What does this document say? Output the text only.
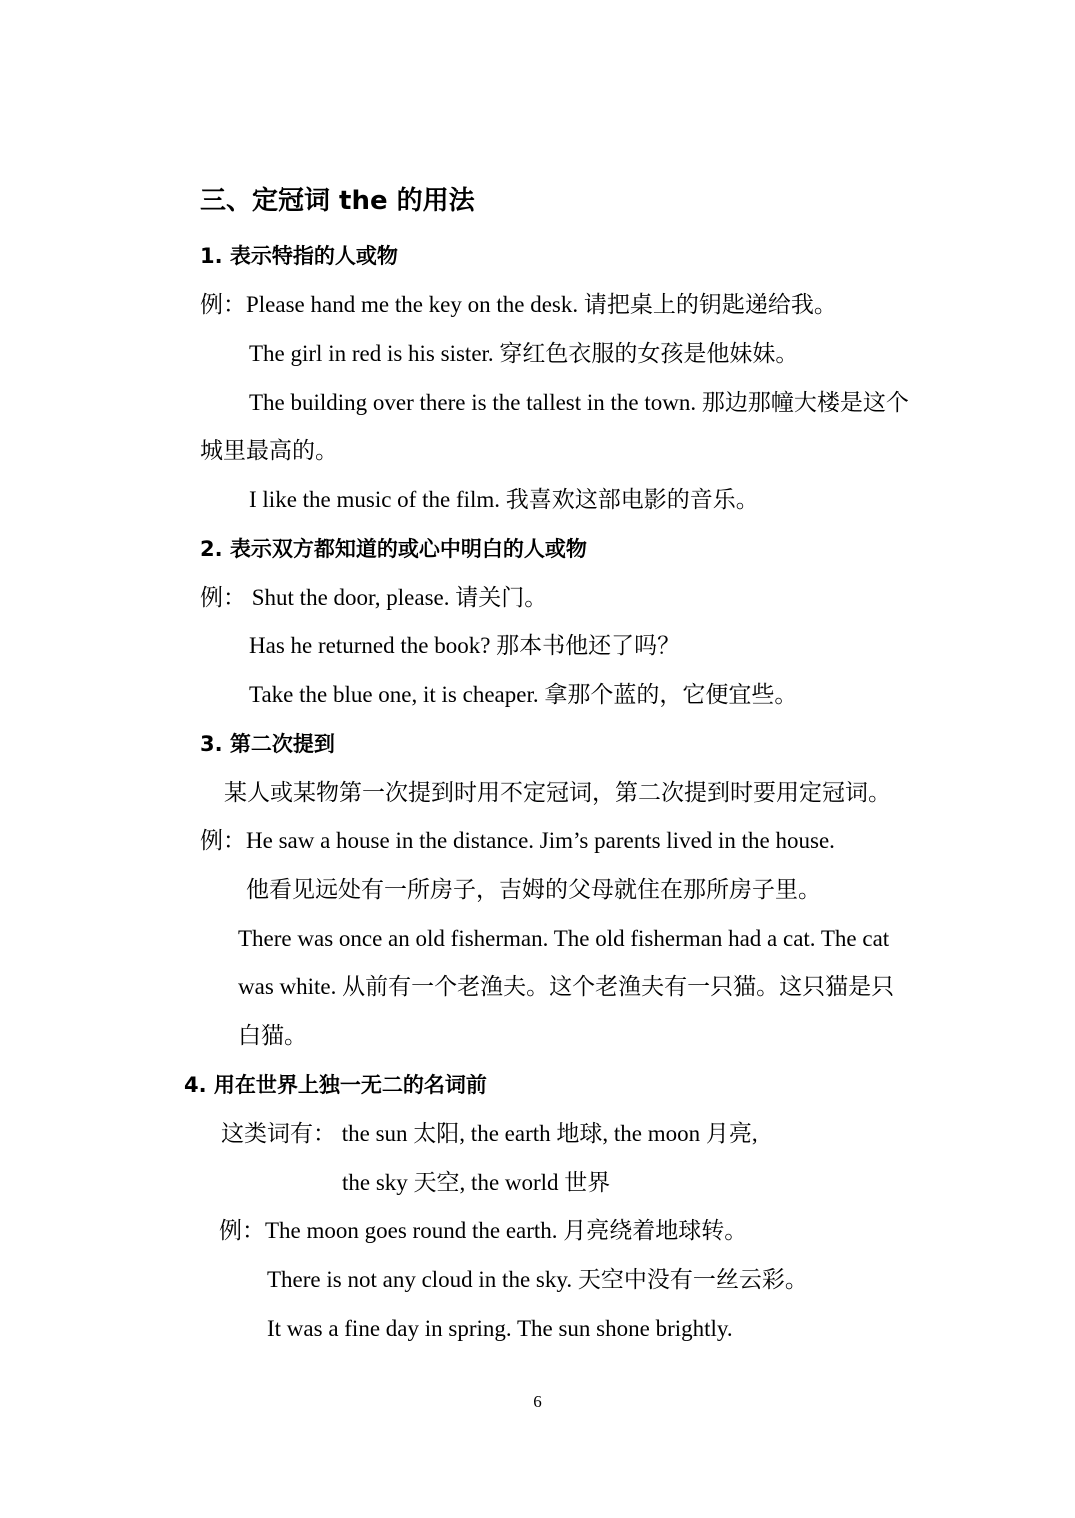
三、定冠词 the 的用法
1. 表示特指的人或物
例：Please hand me the key on the desk. 请把桌上的钥匙递给我。
The girl in red is his sister. 穿红色衣服的女孩是他妹妹。
The building over there is the tallest in the town. 那边那幢大楼是这个
城里最高的。
I like the music of the film. 我喜欢这部电影的音乐。
2. 表示双方都知道的或心中明白的人或物
例： Shut the door, please. 请关门。
Has he returned the book? 那本书他还了吗？
Take the blue one, it is cheaper. 拿那个蓝的，它便宜些。
3. 第二次提到
某人或某物第一次提到时用不定冠词，第二次提到时要用定冠词。
例：He saw a house in the distance. Jim’s parents lived in the house.
他看见远处有一所房子，吉姆的父母就住在那所房子里。
There was once an old fisherman. The old fisherman had a cat. The cat
was white. 从前有一个老渔夫。这个老渔夫有一只猫。这只猫是只
白猫。
4. 用在世界上独一无二的名词前
这类词有： the sun 太阳, the earth 地球, the moon 月亮,
the sky 天空, the world 世界
例：The moon goes round the earth. 月亮绕着地球转。
There is not any cloud in the sky. 天空中没有一丝云彩。
It was a fine day in spring. The sun shone brightly.
6
